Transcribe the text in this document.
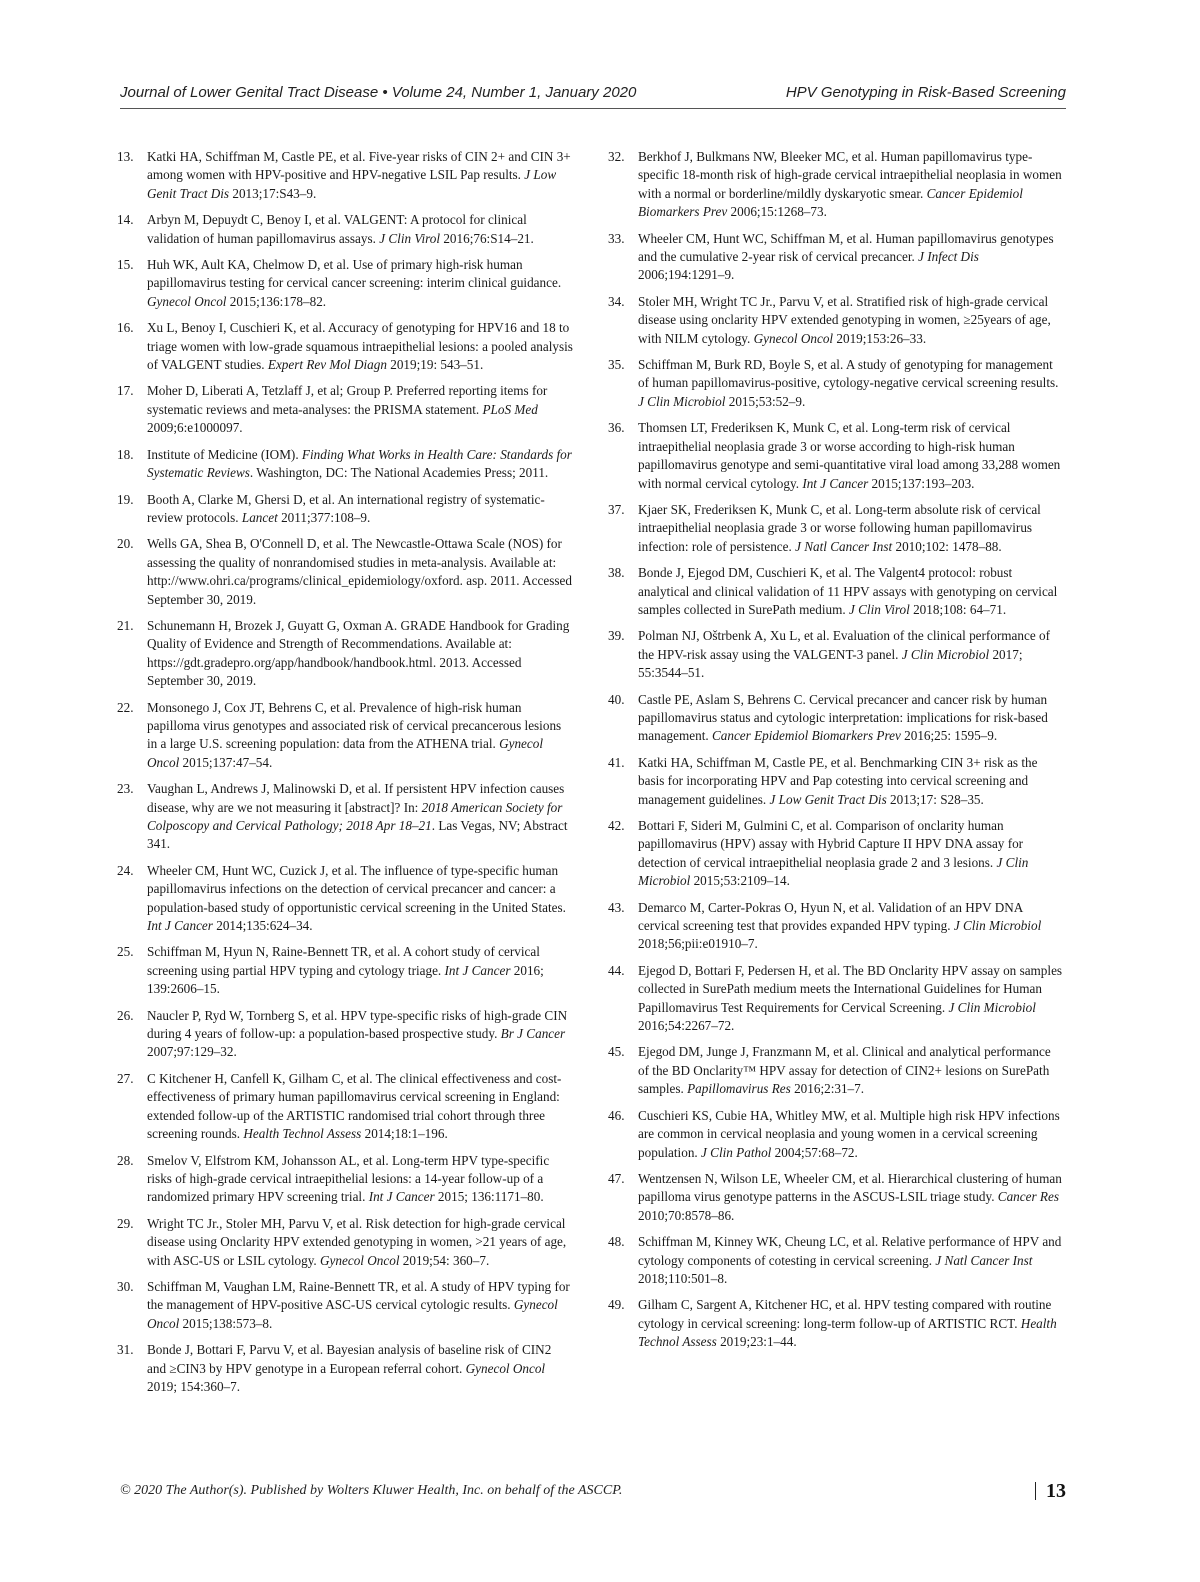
Journal of Lower Genital Tract Disease • Volume 24, Number 1, January 2020	HPV Genotyping in Risk-Based Screening
13.	Katki HA, Schiffman M, Castle PE, et al. Five-year risks of CIN 2+ and CIN 3+ among women with HPV-positive and HPV-negative LSIL Pap results. J Low Genit Tract Dis 2013;17:S43–9.
14.	Arbyn M, Depuydt C, Benoy I, et al. VALGENT: A protocol for clinical validation of human papillomavirus assays. J Clin Virol 2016;76:S14–21.
15.	Huh WK, Ault KA, Chelmow D, et al. Use of primary high-risk human papillomavirus testing for cervical cancer screening: interim clinical guidance. Gynecol Oncol 2015;136:178–82.
16.	Xu L, Benoy I, Cuschieri K, et al. Accuracy of genotyping for HPV16 and 18 to triage women with low-grade squamous intraepithelial lesions: a pooled analysis of VALGENT studies. Expert Rev Mol Diagn 2019;19: 543–51.
17.	Moher D, Liberati A, Tetzlaff J, et al; Group P. Preferred reporting items for systematic reviews and meta-analyses: the PRISMA statement. PLoS Med 2009;6:e1000097.
18.	Institute of Medicine (IOM). Finding What Works in Health Care: Standards for Systematic Reviews. Washington, DC: The National Academies Press; 2011.
19.	Booth A, Clarke M, Ghersi D, et al. An international registry of systematic-review protocols. Lancet 2011;377:108–9.
20.	Wells GA, Shea B, O'Connell D, et al. The Newcastle-Ottawa Scale (NOS) for assessing the quality of nonrandomised studies in meta-analysis. Available at: http://www.ohri.ca/programs/clinical_epidemiology/oxford. asp. 2011. Accessed September 30, 2019.
21.	Schunemann H, Brozek J, Guyatt G, Oxman A. GRADE Handbook for Grading Quality of Evidence and Strength of Recommendations. Available at: https://gdt.gradepro.org/app/handbook/handbook.html. 2013. Accessed September 30, 2019.
22.	Monsonego J, Cox JT, Behrens C, et al. Prevalence of high-risk human papilloma virus genotypes and associated risk of cervical precancerous lesions in a large U.S. screening population: data from the ATHENA trial. Gynecol Oncol 2015;137:47–54.
23.	Vaughan L, Andrews J, Malinowski D, et al. If persistent HPV infection causes disease, why are we not measuring it [abstract]? In: 2018 American Society for Colposcopy and Cervical Pathology; 2018 Apr 18–21. Las Vegas, NV; Abstract 341.
24.	Wheeler CM, Hunt WC, Cuzick J, et al. The influence of type-specific human papillomavirus infections on the detection of cervical precancer and cancer: a population-based study of opportunistic cervical screening in the United States. Int J Cancer 2014;135:624–34.
25.	Schiffman M, Hyun N, Raine-Bennett TR, et al. A cohort study of cervical screening using partial HPV typing and cytology triage. Int J Cancer 2016; 139:2606–15.
26.	Naucler P, Ryd W, Tornberg S, et al. HPV type-specific risks of high-grade CIN during 4 years of follow-up: a population-based prospective study. Br J Cancer 2007;97:129–32.
27.	C Kitchener H, Canfell K, Gilham C, et al. The clinical effectiveness and cost-effectiveness of primary human papillomavirus cervical screening in England: extended follow-up of the ARTISTIC randomised trial cohort through three screening rounds. Health Technol Assess 2014;18:1–196.
28.	Smelov V, Elfstrom KM, Johansson AL, et al. Long-term HPV type-specific risks of high-grade cervical intraepithelial lesions: a 14-year follow-up of a randomized primary HPV screening trial. Int J Cancer 2015; 136:1171–80.
29.	Wright TC Jr., Stoler MH, Parvu V, et al. Risk detection for high-grade cervical disease using Onclarity HPV extended genotyping in women, >21 years of age, with ASC-US or LSIL cytology. Gynecol Oncol 2019;54: 360–7.
30.	Schiffman M, Vaughan LM, Raine-Bennett TR, et al. A study of HPV typing for the management of HPV-positive ASC-US cervical cytologic results. Gynecol Oncol 2015;138:573–8.
31.	Bonde J, Bottari F, Parvu V, et al. Bayesian analysis of baseline risk of CIN2 and ≥CIN3 by HPV genotype in a European referral cohort. Gynecol Oncol 2019; 154:360–7.
32.	Berkhof J, Bulkmans NW, Bleeker MC, et al. Human papillomavirus type-specific 18-month risk of high-grade cervical intraepithelial neoplasia in women with a normal or borderline/mildly dyskaryotic smear. Cancer Epidemiol Biomarkers Prev 2006;15:1268–73.
33.	Wheeler CM, Hunt WC, Schiffman M, et al. Human papillomavirus genotypes and the cumulative 2-year risk of cervical precancer. J Infect Dis 2006;194:1291–9.
34.	Stoler MH, Wright TC Jr., Parvu V, et al. Stratified risk of high-grade cervical disease using onclarity HPV extended genotyping in women, ≥25years of age, with NILM cytology. Gynecol Oncol 2019;153:26–33.
35.	Schiffman M, Burk RD, Boyle S, et al. A study of genotyping for management of human papillomavirus-positive, cytology-negative cervical screening results. J Clin Microbiol 2015;53:52–9.
36.	Thomsen LT, Frederiksen K, Munk C, et al. Long-term risk of cervical intraepithelial neoplasia grade 3 or worse according to high-risk human papillomavirus genotype and semi-quantitative viral load among 33,288 women with normal cervical cytology. Int J Cancer 2015;137:193–203.
37.	Kjaer SK, Frederiksen K, Munk C, et al. Long-term absolute risk of cervical intraepithelial neoplasia grade 3 or worse following human papillomavirus infection: role of persistence. J Natl Cancer Inst 2010;102: 1478–88.
38.	Bonde J, Ejegod DM, Cuschieri K, et al. The Valgent4 protocol: robust analytical and clinical validation of 11 HPV assays with genotyping on cervical samples collected in SurePath medium. J Clin Virol 2018;108: 64–71.
39.	Polman NJ, Oštrbenk A, Xu L, et al. Evaluation of the clinical performance of the HPV-risk assay using the VALGENT-3 panel. J Clin Microbiol 2017; 55:3544–51.
40.	Castle PE, Aslam S, Behrens C. Cervical precancer and cancer risk by human papillomavirus status and cytologic interpretation: implications for risk-based management. Cancer Epidemiol Biomarkers Prev 2016;25: 1595–9.
41.	Katki HA, Schiffman M, Castle PE, et al. Benchmarking CIN 3+ risk as the basis for incorporating HPV and Pap cotesting into cervical screening and management guidelines. J Low Genit Tract Dis 2013;17: S28–35.
42.	Bottari F, Sideri M, Gulmini C, et al. Comparison of onclarity human papillomavirus (HPV) assay with Hybrid Capture II HPV DNA assay for detection of cervical intraepithelial neoplasia grade 2 and 3 lesions. J Clin Microbiol 2015;53:2109–14.
43.	Demarco M, Carter-Pokras O, Hyun N, et al. Validation of an HPV DNA cervical screening test that provides expanded HPV typing. J Clin Microbiol 2018;56;pii:e01910–7.
44.	Ejegod D, Bottari F, Pedersen H, et al. The BD Onclarity HPV assay on samples collected in SurePath medium meets the International Guidelines for Human Papillomavirus Test Requirements for Cervical Screening. J Clin Microbiol 2016;54:2267–72.
45.	Ejegod DM, Junge J, Franzmann M, et al. Clinical and analytical performance of the BD Onclarity™ HPV assay for detection of CIN2+ lesions on SurePath samples. Papillomavirus Res 2016;2:31–7.
46.	Cuschieri KS, Cubie HA, Whitley MW, et al. Multiple high risk HPV infections are common in cervical neoplasia and young women in a cervical screening population. J Clin Pathol 2004;57:68–72.
47.	Wentzensen N, Wilson LE, Wheeler CM, et al. Hierarchical clustering of human papilloma virus genotype patterns in the ASCUS-LSIL triage study. Cancer Res 2010;70:8578–86.
48.	Schiffman M, Kinney WK, Cheung LC, et al. Relative performance of HPV and cytology components of cotesting in cervical screening. J Natl Cancer Inst 2018;110:501–8.
49.	Gilham C, Sargent A, Kitchener HC, et al. HPV testing compared with routine cytology in cervical screening: long-term follow-up of ARTISTIC RCT. Health Technol Assess 2019;23:1–44.
© 2020 The Author(s). Published by Wolters Kluwer Health, Inc. on behalf of the ASCCP.	13
